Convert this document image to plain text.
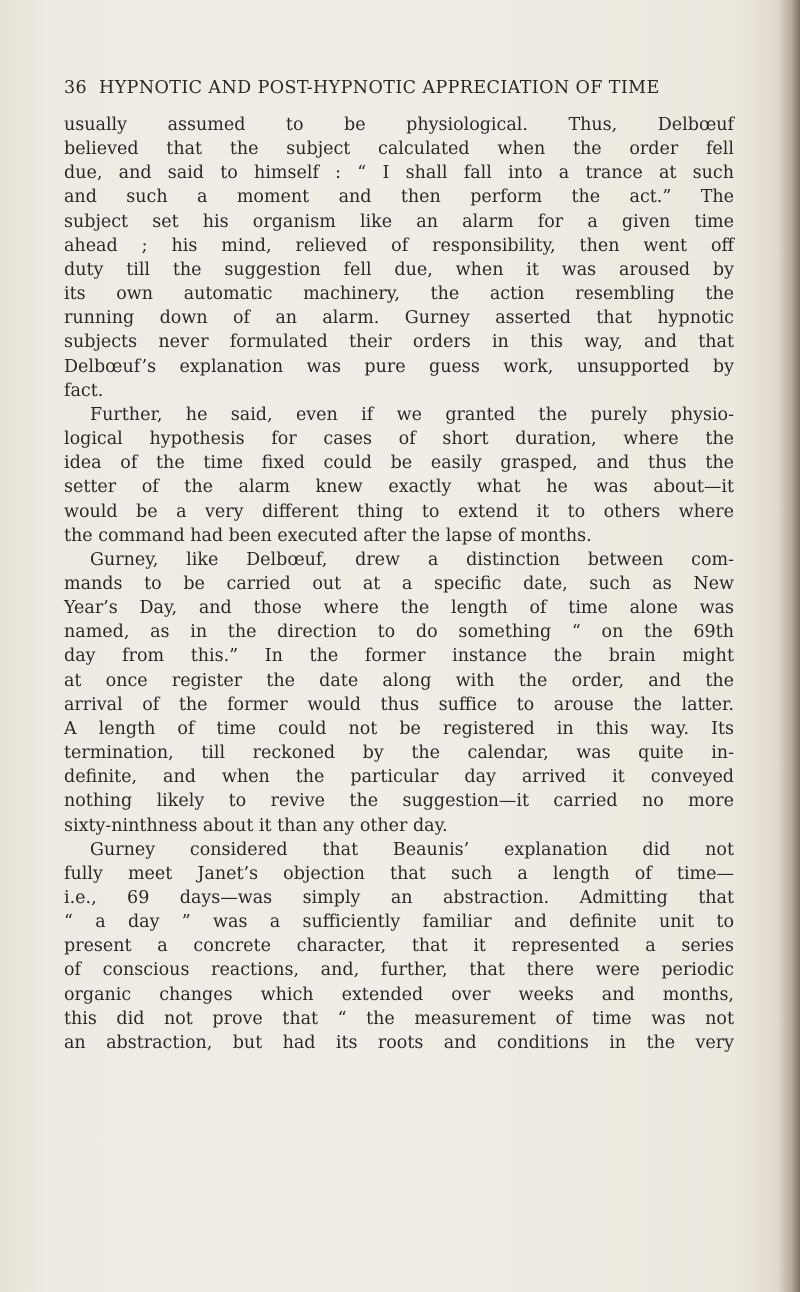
36 HYPNOTIC AND POST-HYPNOTIC APPRECIATION OF TIME
usually assumed to be physiological. Thus, Delbœuf
believed that the subject calculated when the order fell
due, and said to himself : “ I shall fall into a trance at such
and such a moment and then perform the act.” The
subject set his organism like an alarm for a given time
ahead ; his mind, relieved of responsibility, then went off
duty till the suggestion fell due, when it was aroused by
its own automatic machinery, the action resembling the
running down of an alarm. Gurney asserted that hypnotic
subjects never formulated their orders in this way, and that
Delbœuf’s explanation was pure guess work, unsupported by
fact.
Further, he said, even if we granted the purely physio-
logical hypothesis for cases of short duration, where the
idea of the time fixed could be easily grasped, and thus the
setter of the alarm knew exactly what he was about—it
would be a very different thing to extend it to others where
the command had been executed after the lapse of months.
Gurney, like Delbœuf, drew a distinction between com-
mands to be carried out at a specific date, such as New
Year’s Day, and those where the length of time alone was
named, as in the direction to do something “ on the 69th
day from this.” In the former instance the brain might
at once register the date along with the order, and the
arrival of the former would thus suffice to arouse the latter.
A length of time could not be registered in this way. Its
termination, till reckoned by the calendar, was quite in-
definite, and when the particular day arrived it conveyed
nothing likely to revive the suggestion—it carried no more
sixty-ninthness about it than any other day.
Gurney considered that Beaunis’ explanation did not
fully meet Janet’s objection that such a length of time—
i.e., 69 days—was simply an abstraction. Admitting that
“ a day ” was a sufficiently familiar and definite unit to
present a concrete character, that it represented a series
of conscious reactions, and, further, that there were periodic
organic changes which extended over weeks and months,
this did not prove that “ the measurement of time was not
an abstraction, but had its roots and conditions in the very
